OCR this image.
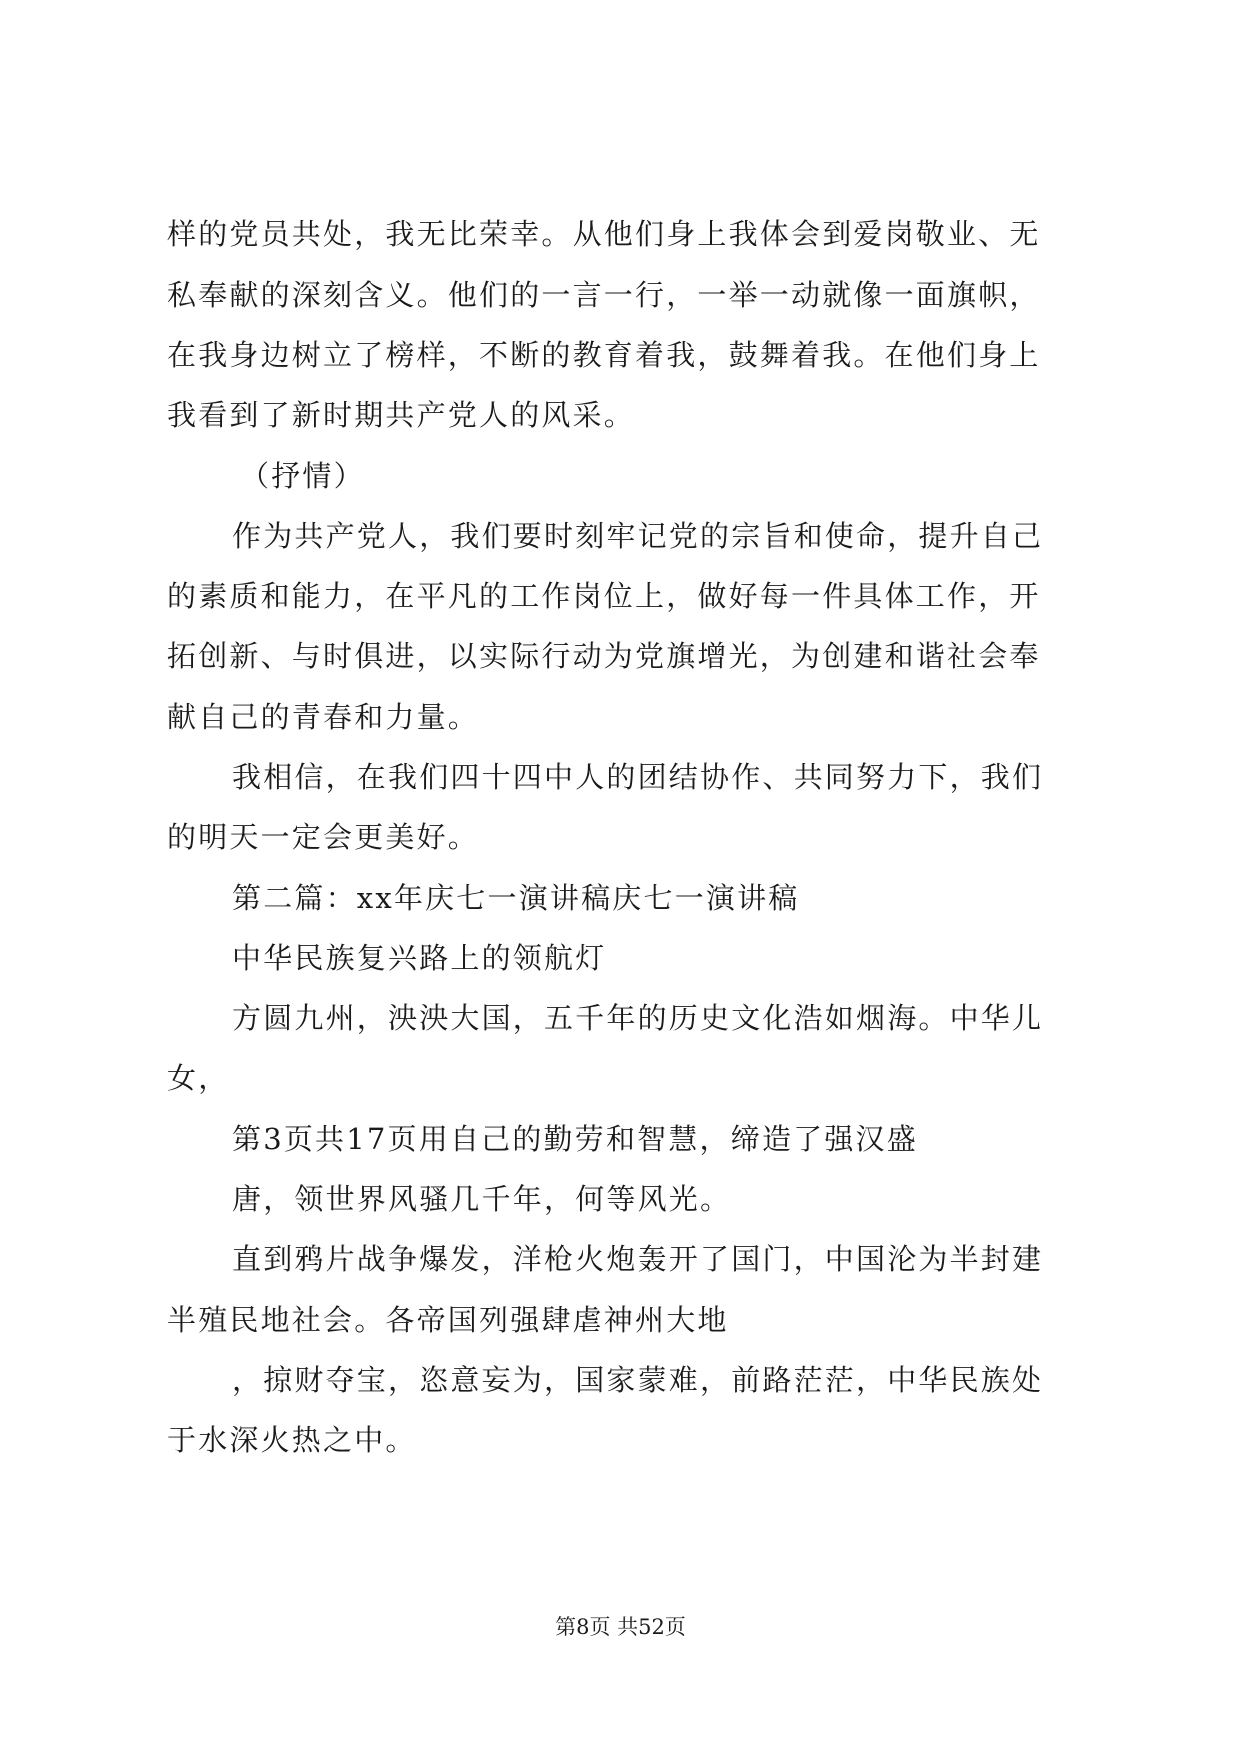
样的党员共处，我无比荣幸。从他们身上我体会到爱岗敬业、无
私奉献的深刻含义。他们的一言一行，一举一动就像一面旗帜，
在我身边树立了榜样，不断的教育着我，鼓舞着我。在他们身上
我看到了新时期共产党人的风采。
（抒情）
作为共产党人，我们要时刻牢记党的宗旨和使命，提升自己
的素质和能力，在平凡的工作岗位上，做好每一件具体工作，开
拓创新、与时俱进，以实际行动为党旗增光，为创建和谐社会奉
献自己的青春和力量。
我相信，在我们四十四中人的团结协作、共同努力下，我们
的明天一定会更美好。
第二篇：xx年庆七一演讲稿庆七一演讲稿
中华民族复兴路上的领航灯
方圆九州，泱泱大国，五千年的历史文化浩如烟海。中华儿
女，
第3页共17页用自己的勤劳和智慧，缔造了强汉盛
唐，领世界风骚几千年，何等风光。
直到鸦片战争爆发，洋枪火炮轰开了国门，中国沦为半封建
半殖民地社会。各帝国列强肆虐神州大地
，掠财夺宝，恣意妄为，国家蒙难，前路茫茫，中华民族处
于水深火热之中。
第8页 共52页
